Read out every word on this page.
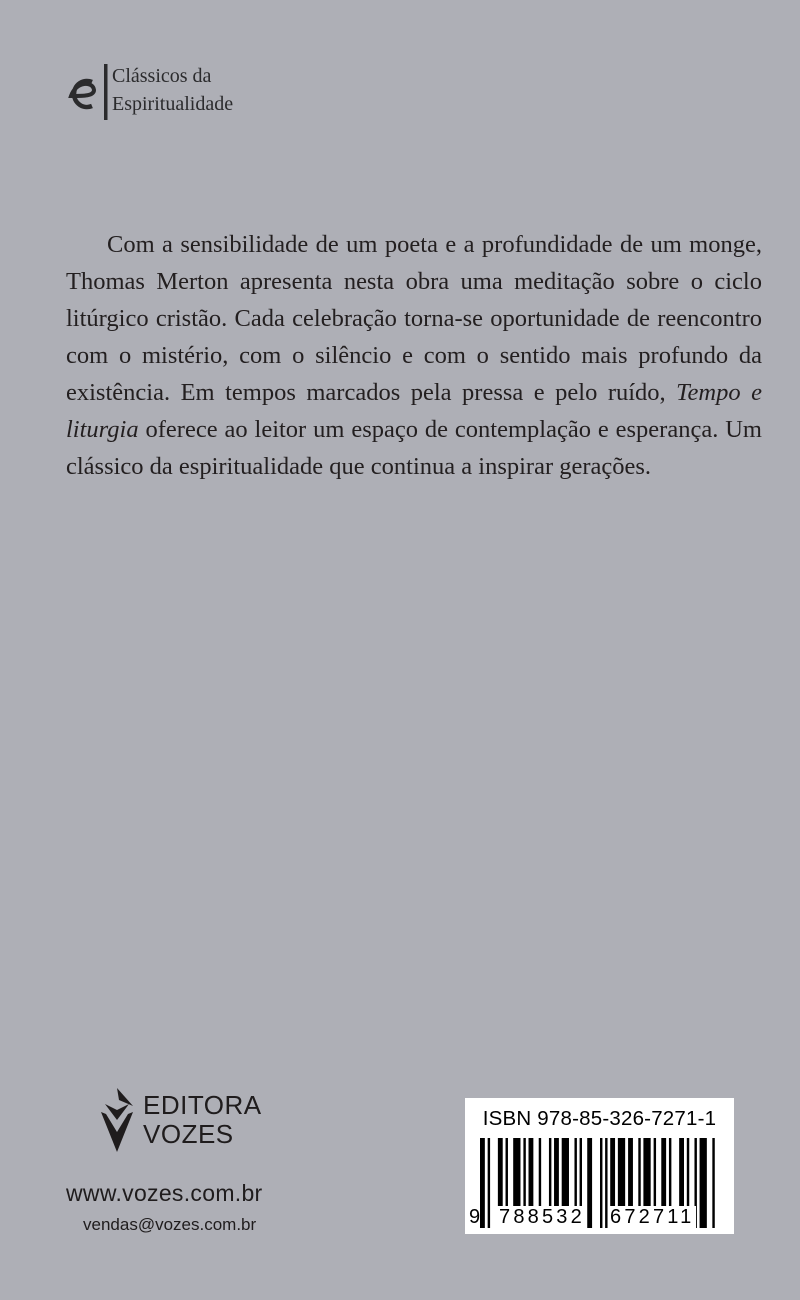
Clássicos da
Espiritualidade

Com a sensibilidade de um poeta e a profundidade de um monge, Thomas Merton apresenta nesta obra uma meditação sobre o ciclo litúrgico cristão. Cada celebração torna-se oportunidade de reencontro com o mistério, com o silêncio e com o sentido mais profundo da existência. Em tempos marcados pela pressa e pelo ruído, Tempo e liturgia oferece ao leitor um espaço de contemplação e esperança. Um clássico da espiritualidade que continua a inspirar gerações.

EDITORA
VOZES
www.vozes.com.br
vendas@vozes.com.br
ISBN 978-85-326-7271-1
9 788532 672711
